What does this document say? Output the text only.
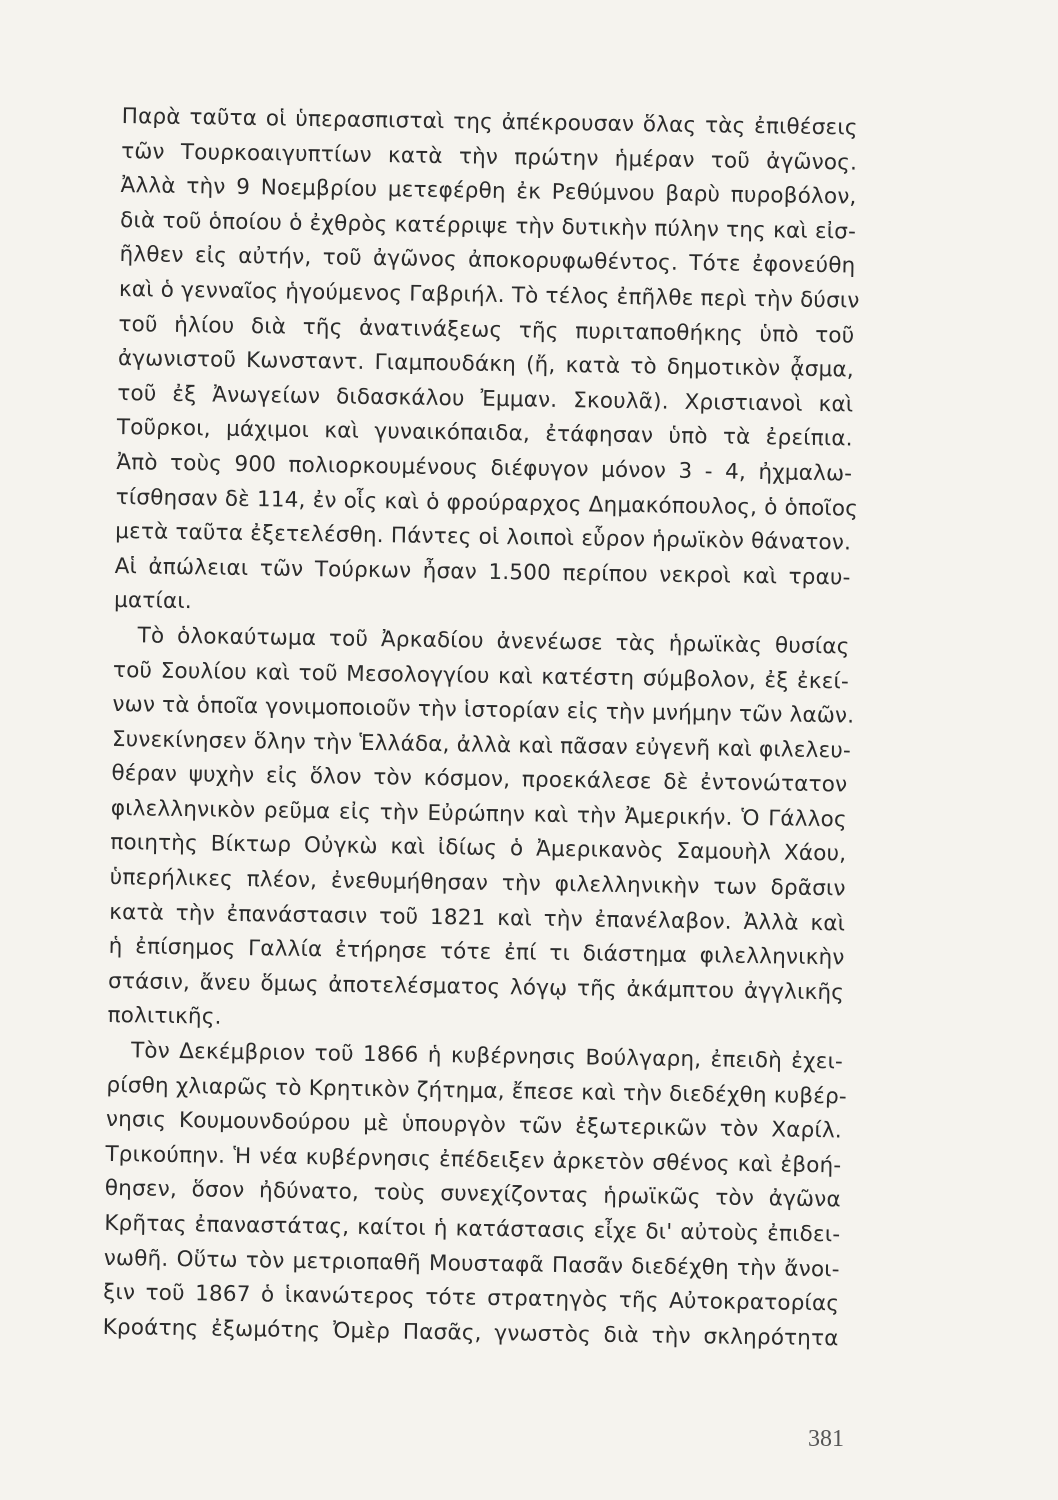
Παρὰ ταῦτα οἱ ὑπερασπισταὶ της ἀπέκρουσαν ὅλας τὰς ἐπιθέσεις
τῶν Τουρκοαιγυπτίων κατὰ τὴν πρώτην ἡμέραν τοῦ ἀγῶνος.
Ἀλλὰ τὴν 9 Νοεμβρίου μετεφέρθη ἐκ Ρεθύμνου βαρὺ πυροβόλον,
διὰ τοῦ ὁποίου ὁ ἐχθρὸς κατέρριψε τὴν δυτικὴν πύλην της καὶ εἰσ-
ῆλθεν εἰς αὐτήν, τοῦ ἀγῶνος ἀποκορυφωθέντος. Τότε ἐφονεύθη
καὶ ὁ γενναῖος ἡγούμενος Γαβριήλ. Τὸ τέλος ἐπῆλθε περὶ τὴν δύσιν
τοῦ ἡλίου διὰ τῆς ἀνατινάξεως τῆς πυριταποθήκης ὑπὸ τοῦ
ἀγωνιστοῦ Κωνσταντ. Γιαμπουδάκη (ἤ, κατὰ τὸ δημοτικὸν ᾆσμα,
τοῦ ἐξ Ἀνωγείων διδασκάλου Ἐμμαν. Σκουλᾶ). Χριστιανοὶ καὶ
Τοῦρκοι, μάχιμοι καὶ γυναικόπαιδα, ἐτάφησαν ὑπὸ τὰ ἐρείπια.
Ἀπὸ τοὺς 900 πολιορκουμένους διέφυγον μόνον 3 - 4, ἠχμαλω-
τίσθησαν δὲ 114, ἐν οἷς καὶ ὁ φρούραρχος Δημακόπουλος, ὁ ὁποῖος
μετὰ ταῦτα ἐξετελέσθη. Πάντες οἱ λοιποὶ εὗρον ἡρωϊκὸν θάνατον.
Αἱ ἀπώλειαι τῶν Τούρκων ἦσαν 1.500 περίπου νεκροὶ καὶ τραυ-
ματίαι.
Τὸ ὁλοκαύτωμα τοῦ Ἀρκαδίου ἀνενέωσε τὰς ἡρωϊκὰς θυσίας
τοῦ Σουλίου καὶ τοῦ Μεσολογγίου καὶ κατέστη σύμβολον, ἐξ ἐκεί-
νων τὰ ὁποῖα γονιμοποιοῦν τὴν ἱστορίαν εἰς τὴν μνήμην τῶν λαῶν.
Συνεκίνησεν ὅλην τὴν Ἑλλάδα, ἀλλὰ καὶ πᾶσαν εὐγενῆ καὶ φιλελευ-
θέραν ψυχὴν εἰς ὅλον τὸν κόσμον, προεκάλεσε δὲ ἐντονώτατον
φιλελληνικὸν ρεῦμα εἰς τὴν Εὐρώπην καὶ τὴν Ἀμερικήν. Ὁ Γάλλος
ποιητὴς Βίκτωρ Οὐγκὼ καὶ ἰδίως ὁ Ἀμερικανὸς Σαμουὴλ Χάου,
ὑπερήλικες πλέον, ἐνεθυμήθησαν τὴν φιλελληνικὴν των δρᾶσιν
κατὰ τὴν ἐπανάστασιν τοῦ 1821 καὶ τὴν ἐπανέλαβον. Ἀλλὰ καὶ
ἡ ἐπίσημος Γαλλία ἐτήρησε τότε ἐπί τι διάστημα φιλελληνικὴν
στάσιν, ἄνευ ὅμως ἀποτελέσματος λόγῳ τῆς ἀκάμπτου ἀγγλικῆς
πολιτικῆς.
Τὸν Δεκέμβριον τοῦ 1866 ἡ κυβέρνησις Βούλγαρη, ἐπειδὴ ἐχει-
ρίσθη χλιαρῶς τὸ Κρητικὸν ζήτημα, ἔπεσε καὶ τὴν διεδέχθη κυβέρ-
νησις Κουμουνδούρου μὲ ὑπουργὸν τῶν ἐξωτερικῶν τὸν Χαρίλ.
Τρικούπην. Ἡ νέα κυβέρνησις ἐπέδειξεν ἀρκετὸν σθένος καὶ ἐβοή-
θησεν, ὅσον ἠδύνατο, τοὺς συνεχίζοντας ἡρωϊκῶς τὸν ἀγῶνα
Κρῆτας ἐπαναστάτας, καίτοι ἡ κατάστασις εἶχε δι' αὐτοὺς ἐπιδει-
νωθῆ. Οὕτω τὸν μετριοπαθῆ Μουσταφᾶ Πασᾶν διεδέχθη τὴν ἄνοι-
ξιν τοῦ 1867 ὁ ἱκανώτερος τότε στρατηγὸς τῆς Αὐτοκρατορίας
Κροάτης ἐξωμότης Ὀμὲρ Πασᾶς, γνωστὸς διὰ τὴν σκληρότητα
381
